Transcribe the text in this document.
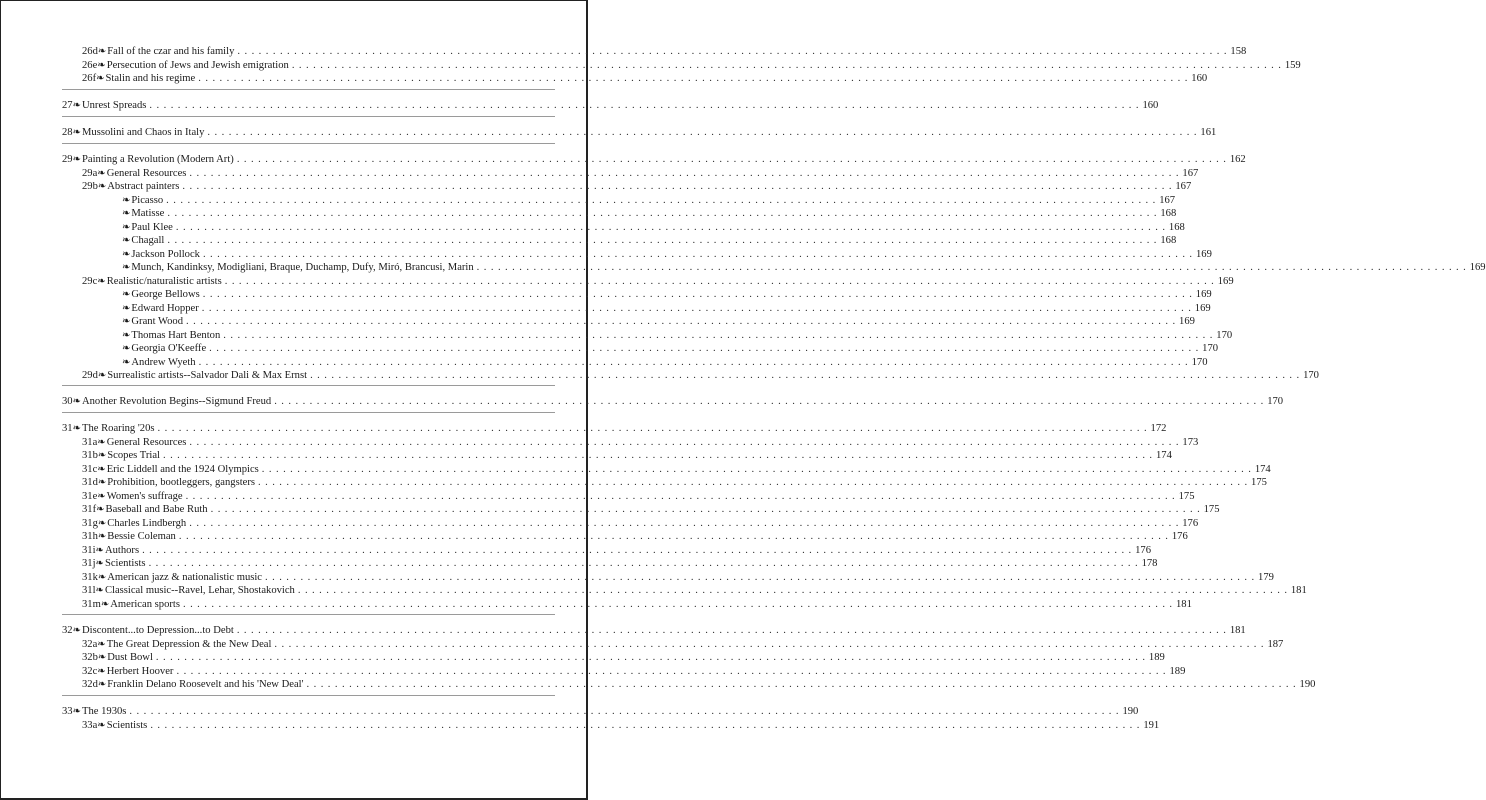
26d ❧ Fall of the czar and his family . . . . . . . . . . . . . . . . . . . . . . . . . . . . . . . . . . . . . . . . . . . . . . . . . . . . . . . . . . . . . . . . . . . . . . . . . . . . . . . . . . . . . . . . . . . . . . . . . . . . . . . . . . . . . . . . . . . . . . . . . . . . . . . . . . . . . . . . . . . . 158
26e ❧ Persecution of Jews and Jewish emigration . . . . . . . . . . . . . . . . . . . . . . . . . . . . . . . . . . . . . . . . . . . . . . . . . . . . . . . . . . . . . . . . . . . . . . . . . . . . . . . . . . . . . . . . . . . . . . . . . . . . . . . . . . . . . . . . . . . . . . . . . . . . . . . . . . . . . . . . . . . . 159
26f ❧ Stalin and his regime . . . . . . . . . . . . . . . . . . . . . . . . . . . . . . . . . . . . . . . . . . . . . . . . . . . . . . . . . . . . . . . . . . . . . . . . . . . . . . . . . . . . . . . . . . . . . . . . . . . . . . . . . . . . . . . . . . . . . . . . . . . . . . . . . . . . . . . . . . . . 160
27 ❧ Unrest Spreads . . . . . . . . . . . . . . . . . . . . . . . . . . . . . . . . . . . . . . . . . . . . . . . . . . . . . . . . . . . . . . . . . . . . . . . . . . . . . . . . . . . . . . . . . . . . . . . . . . . . . . . . . . . . . . . . . . . . . . . . . . . . . . . . . . . . . . . . . . . . 160
28 ❧ Mussolini and Chaos in Italy . . . . . . . . . . . . . . . . . . . . . . . . . . . . . . . . . . . . . . . . . . . . . . . . . . . . . . . . . . . . . . . . . . . . . . . . . . . . . . . . . . . . . . . . . . . . . . . . . . . . . . . . . . . . . . . . . . . . . . . . . . . . . . . . . . . . . . . . . . . . 161
29 ❧ Painting a Revolution (Modern Art) . . . . . . . . . . . . . . . . . . . . . . . . . . . . . . . . . . . . . . . . . . . . . . . . . . . . . . . . . . . . . . . . . . . . . . . . . . . . . . . . . . . . . . . . . . . . . . . . . . . . . . . . . . . . . . . . . . . . . . . . . . . . . . . . . . . . . . . . . . . . 162
29a ❧ General Resources . . . . . . . . . . . . . . . . . . . . . . . . . . . . . . . . . . . . . . . . . . . . . . . . . . . . . . . . . . . . . . . . . . . . . . . . . . . . . . . . . . . . . . . . . . . . . . . . . . . . . . . . . . . . . . . . . . . . . . . . . . . . . . . . . . . . . . . . . . . . 167
29b ❧ Abstract painters . . . . . . . . . . . . . . . . . . . . . . . . . . . . . . . . . . . . . . . . . . . . . . . . . . . . . . . . . . . . . . . . . . . . . . . . . . . . . . . . . . . . . . . . . . . . . . . . . . . . . . . . . . . . . . . . . . . . . . . . . . . . . . . . . . . . . . . . . . . . 167
❧ Picasso . . . . . . . . . . . . . . . . . . . . . . . . . . . . . . . . . . . . . . . . . . . . . . . . . . . . . . . . . . . . . . . . . . . . . . . . . . . . . . . . . . . . . . . . . . . . . . . . . . . . . . . . . . . . . . . . . . . . . . . . . . . . . . . . . . . . . . . . . . . . 167
❧ Matisse . . . . . . . . . . . . . . . . . . . . . . . . . . . . . . . . . . . . . . . . . . . . . . . . . . . . . . . . . . . . . . . . . . . . . . . . . . . . . . . . . . . . . . . . . . . . . . . . . . . . . . . . . . . . . . . . . . . . . . . . . . . . . . . . . . . . . . . . . . . . 168
❧ Paul Klee . . . . . . . . . . . . . . . . . . . . . . . . . . . . . . . . . . . . . . . . . . . . . . . . . . . . . . . . . . . . . . . . . . . . . . . . . . . . . . . . . . . . . . . . . . . . . . . . . . . . . . . . . . . . . . . . . . . . . . . . . . . . . . . . . . . . . . . . . . . . 168
❧ Chagall . . . . . . . . . . . . . . . . . . . . . . . . . . . . . . . . . . . . . . . . . . . . . . . . . . . . . . . . . . . . . . . . . . . . . . . . . . . . . . . . . . . . . . . . . . . . . . . . . . . . . . . . . . . . . . . . . . . . . . . . . . . . . . . . . . . . . . . . . . . . 168
❧ Jackson Pollock . . . . . . . . . . . . . . . . . . . . . . . . . . . . . . . . . . . . . . . . . . . . . . . . . . . . . . . . . . . . . . . . . . . . . . . . . . . . . . . . . . . . . . . . . . . . . . . . . . . . . . . . . . . . . . . . . . . . . . . . . . . . . . . . . . . . . . . . . . . . 169
❧ Munch, Kandinksy, Modigliani, Braque, Duchamp, Dufy, Miró, Brancusi, Marin . . . . . . . . . . . . . . . . . . . . . . . . . . . . . . . . . . . . . . . . . . . . . . . . . . . . . . . . . . . . . . . . . . . . . . . . . . . . . . . . . . . . . . . . . . . . . . . . . . . . . . . . . . . . . . . . . . . . . . . . . . . . . . . . . . . . . . . . . . . . 169
29c ❧ Realistic/naturalistic artists . . . . . . . . . . . . . . . . . . . . . . . . . . . . . . . . . . . . . . . . . . . . . . . . . . . . . . . . . . . . . . . . . . . . . . . . . . . . . . . . . . . . . . . . . . . . . . . . . . . . . . . . . . . . . . . . . . . . . . . . . . . . . . . . . . . . . . . . . . . . 169
❧ George Bellows . . . . . . . . . . . . . . . . . . . . . . . . . . . . . . . . . . . . . . . . . . . . . . . . . . . . . . . . . . . . . . . . . . . . . . . . . . . . . . . . . . . . . . . . . . . . . . . . . . . . . . . . . . . . . . . . . . . . . . . . . . . . . . . . . . . . . . . . . . . . 169
❧ Edward Hopper . . . . . . . . . . . . . . . . . . . . . . . . . . . . . . . . . . . . . . . . . . . . . . . . . . . . . . . . . . . . . . . . . . . . . . . . . . . . . . . . . . . . . . . . . . . . . . . . . . . . . . . . . . . . . . . . . . . . . . . . . . . . . . . . . . . . . . . . . . . . 169
❧ Grant Wood . . . . . . . . . . . . . . . . . . . . . . . . . . . . . . . . . . . . . . . . . . . . . . . . . . . . . . . . . . . . . . . . . . . . . . . . . . . . . . . . . . . . . . . . . . . . . . . . . . . . . . . . . . . . . . . . . . . . . . . . . . . . . . . . . . . . . . . . . . . . 169
❧ Thomas Hart Benton . . . . . . . . . . . . . . . . . . . . . . . . . . . . . . . . . . . . . . . . . . . . . . . . . . . . . . . . . . . . . . . . . . . . . . . . . . . . . . . . . . . . . . . . . . . . . . . . . . . . . . . . . . . . . . . . . . . . . . . . . . . . . . . . . . . . . . . . . . . . 170
❧ Georgia O'Keeffe . . . . . . . . . . . . . . . . . . . . . . . . . . . . . . . . . . . . . . . . . . . . . . . . . . . . . . . . . . . . . . . . . . . . . . . . . . . . . . . . . . . . . . . . . . . . . . . . . . . . . . . . . . . . . . . . . . . . . . . . . . . . . . . . . . . . . . . . . . . . 170
❧ Andrew Wyeth . . . . . . . . . . . . . . . . . . . . . . . . . . . . . . . . . . . . . . . . . . . . . . . . . . . . . . . . . . . . . . . . . . . . . . . . . . . . . . . . . . . . . . . . . . . . . . . . . . . . . . . . . . . . . . . . . . . . . . . . . . . . . . . . . . . . . . . . . . . . 170
29d ❧ Surrealistic artists--Salvador Dali & Max Ernst . . . . . . . . . . . . . . . . . . . . . . . . . . . . . . . . . . . . . . . . . . . . . . . . . . . . . . . . . . . . . . . . . . . . . . . . . . . . . . . . . . . . . . . . . . . . . . . . . . . . . . . . . . . . . . . . . . . . . . . . . . . . . . . . . . . . . . . . . . . . 170
30 ❧ Another Revolution Begins--Sigmund Freud . . . . . . . . . . . . . . . . . . . . . . . . . . . . . . . . . . . . . . . . . . . . . . . . . . . . . . . . . . . . . . . . . . . . . . . . . . . . . . . . . . . . . . . . . . . . . . . . . . . . . . . . . . . . . . . . . . . . . . . . . . . . . . . . . . . . . . . . . . . . 170
31 ❧ The Roaring '20s . . . . . . . . . . . . . . . . . . . . . . . . . . . . . . . . . . . . . . . . . . . . . . . . . . . . . . . . . . . . . . . . . . . . . . . . . . . . . . . . . . . . . . . . . . . . . . . . . . . . . . . . . . . . . . . . . . . . . . . . . . . . . . . . . . . . . . . . . . . . 172
31a ❧ General Resources . . . . . . . . . . . . . . . . . . . . . . . . . . . . . . . . . . . . . . . . . . . . . . . . . . . . . . . . . . . . . . . . . . . . . . . . . . . . . . . . . . . . . . . . . . . . . . . . . . . . . . . . . . . . . . . . . . . . . . . . . . . . . . . . . . . . . . . . . . . . 173
31b ❧ Scopes Trial . . . . . . . . . . . . . . . . . . . . . . . . . . . . . . . . . . . . . . . . . . . . . . . . . . . . . . . . . . . . . . . . . . . . . . . . . . . . . . . . . . . . . . . . . . . . . . . . . . . . . . . . . . . . . . . . . . . . . . . . . . . . . . . . . . . . . . . . . . . . 174
31c ❧ Eric Liddell and the 1924 Olympics . . . . . . . . . . . . . . . . . . . . . . . . . . . . . . . . . . . . . . . . . . . . . . . . . . . . . . . . . . . . . . . . . . . . . . . . . . . . . . . . . . . . . . . . . . . . . . . . . . . . . . . . . . . . . . . . . . . . . . . . . . . . . . . . . . . . . . . . . . . . 174
31d ❧ Prohibition, bootleggers, gangsters . . . . . . . . . . . . . . . . . . . . . . . . . . . . . . . . . . . . . . . . . . . . . . . . . . . . . . . . . . . . . . . . . . . . . . . . . . . . . . . . . . . . . . . . . . . . . . . . . . . . . . . . . . . . . . . . . . . . . . . . . . . . . . . . . . . . . . . . . . . . 175
31e ❧ Women's suffrage . . . . . . . . . . . . . . . . . . . . . . . . . . . . . . . . . . . . . . . . . . . . . . . . . . . . . . . . . . . . . . . . . . . . . . . . . . . . . . . . . . . . . . . . . . . . . . . . . . . . . . . . . . . . . . . . . . . . . . . . . . . . . . . . . . . . . . . . . . . . 175
31f ❧ Baseball and Babe Ruth . . . . . . . . . . . . . . . . . . . . . . . . . . . . . . . . . . . . . . . . . . . . . . . . . . . . . . . . . . . . . . . . . . . . . . . . . . . . . . . . . . . . . . . . . . . . . . . . . . . . . . . . . . . . . . . . . . . . . . . . . . . . . . . . . . . . . . . . . . . . 175
31g ❧ Charles Lindbergh . . . . . . . . . . . . . . . . . . . . . . . . . . . . . . . . . . . . . . . . . . . . . . . . . . . . . . . . . . . . . . . . . . . . . . . . . . . . . . . . . . . . . . . . . . . . . . . . . . . . . . . . . . . . . . . . . . . . . . . . . . . . . . . . . . . . . . . . . . . . 176
31h ❧ Bessie Coleman . . . . . . . . . . . . . . . . . . . . . . . . . . . . . . . . . . . . . . . . . . . . . . . . . . . . . . . . . . . . . . . . . . . . . . . . . . . . . . . . . . . . . . . . . . . . . . . . . . . . . . . . . . . . . . . . . . . . . . . . . . . . . . . . . . . . . . . . . . . . 176
31i ❧ Authors . . . . . . . . . . . . . . . . . . . . . . . . . . . . . . . . . . . . . . . . . . . . . . . . . . . . . . . . . . . . . . . . . . . . . . . . . . . . . . . . . . . . . . . . . . . . . . . . . . . . . . . . . . . . . . . . . . . . . . . . . . . . . . . . . . . . . . . . . . . . 176
31j ❧ Scientists . . . . . . . . . . . . . . . . . . . . . . . . . . . . . . . . . . . . . . . . . . . . . . . . . . . . . . . . . . . . . . . . . . . . . . . . . . . . . . . . . . . . . . . . . . . . . . . . . . . . . . . . . . . . . . . . . . . . . . . . . . . . . . . . . . . . . . . . . . . . 178
31k ❧ American jazz & nationalistic music . . . . . . . . . . . . . . . . . . . . . . . . . . . . . . . . . . . . . . . . . . . . . . . . . . . . . . . . . . . . . . . . . . . . . . . . . . . . . . . . . . . . . . . . . . . . . . . . . . . . . . . . . . . . . . . . . . . . . . . . . . . . . . . . . . . . . . . . . . . . 179
31l ❧ Classical music--Ravel, Lehar, Shostakovich . . . . . . . . . . . . . . . . . . . . . . . . . . . . . . . . . . . . . . . . . . . . . . . . . . . . . . . . . . . . . . . . . . . . . . . . . . . . . . . . . . . . . . . . . . . . . . . . . . . . . . . . . . . . . . . . . . . . . . . . . . . . . . . . . . . . . . . . . . . . 181
31m ❧ American sports . . . . . . . . . . . . . . . . . . . . . . . . . . . . . . . . . . . . . . . . . . . . . . . . . . . . . . . . . . . . . . . . . . . . . . . . . . . . . . . . . . . . . . . . . . . . . . . . . . . . . . . . . . . . . . . . . . . . . . . . . . . . . . . . . . . . . . . . . . . . 181
32 ❧ Discontent...to Depression...to Debt . . . . . . . . . . . . . . . . . . . . . . . . . . . . . . . . . . . . . . . . . . . . . . . . . . . . . . . . . . . . . . . . . . . . . . . . . . . . . . . . . . . . . . . . . . . . . . . . . . . . . . . . . . . . . . . . . . . . . . . . . . . . . . . . . . . . . . . . . . . . 181
32a ❧ The Great Depression & the New Deal . . . . . . . . . . . . . . . . . . . . . . . . . . . . . . . . . . . . . . . . . . . . . . . . . . . . . . . . . . . . . . . . . . . . . . . . . . . . . . . . . . . . . . . . . . . . . . . . . . . . . . . . . . . . . . . . . . . . . . . . . . . . . . . . . . . . . . . . . . . . 187
32b ❧ Dust Bowl . . . . . . . . . . . . . . . . . . . . . . . . . . . . . . . . . . . . . . . . . . . . . . . . . . . . . . . . . . . . . . . . . . . . . . . . . . . . . . . . . . . . . . . . . . . . . . . . . . . . . . . . . . . . . . . . . . . . . . . . . . . . . . . . . . . . . . . . . . . . 189
32c ❧ Herbert Hoover . . . . . . . . . . . . . . . . . . . . . . . . . . . . . . . . . . . . . . . . . . . . . . . . . . . . . . . . . . . . . . . . . . . . . . . . . . . . . . . . . . . . . . . . . . . . . . . . . . . . . . . . . . . . . . . . . . . . . . . . . . . . . . . . . . . . . . . . . . . . 189
32d ❧ Franklin Delano Roosevelt and his 'New Deal' . . . . . . . . . . . . . . . . . . . . . . . . . . . . . . . . . . . . . . . . . . . . . . . . . . . . . . . . . . . . . . . . . . . . . . . . . . . . . . . . . . . . . . . . . . . . . . . . . . . . . . . . . . . . . . . . . . . . . . . . . . . . . . . . . . . . . . . . . . . . 190
33 ❧ The 1930s . . . . . . . . . . . . . . . . . . . . . . . . . . . . . . . . . . . . . . . . . . . . . . . . . . . . . . . . . . . . . . . . . . . . . . . . . . . . . . . . . . . . . . . . . . . . . . . . . . . . . . . . . . . . . . . . . . . . . . . . . . . . . . . . . . . . . . . . . . . . 190
33a ❧ Scientists . . . . . . . . . . . . . . . . . . . . . . . . . . . . . . . . . . . . . . . . . . . . . . . . . . . . . . . . . . . . . . . . . . . . . . . . . . . . . . . . . . . . . . . . . . . . . . . . . . . . . . . . . . . . . . . . . . . . . . . . . . . . . . . . . . . . . . . . . . . . 191
